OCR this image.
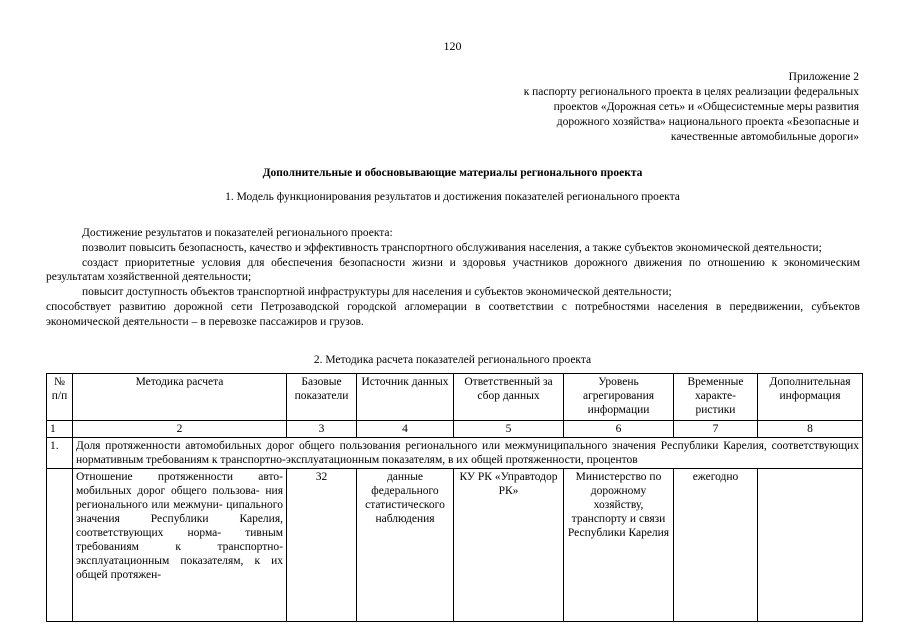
120
Приложение 2
к паспорту регионального проекта в целях реализации федеральных
проектов «Дорожная сеть» и «Общесистемные меры развития
дорожного хозяйства» национального проекта «Безопасные и
качественные автомобильные дороги»
Дополнительные и обосновывающие материалы регионального проекта
1. Модель функционирования результатов и достижения показателей регионального проекта

Достижение результатов и показателей регионального проекта:

позволит повысить безопасность, качество и эффективность транспортного обслуживания населения, а также субъектов экономической деятельности;

создаст приоритетные условия для обеспечения безопасности жизни и здоровья участников дорожного движения по отношению к экономическим результатам хозяйственной деятельности;

повысит доступность объектов транспортной инфраструктуры для населения и субъектов экономической деятельности;

способствует развитию дорожной сети Петрозаводской городской агломерации в соответствии с потребностями населения в передвижении, субъектов экономической деятельности – в перевозке пассажиров и грузов.

2. Методика расчета показателей регионального проекта
№ п/п	Методика расчета	Базовые показатели	Источник данных	Ответственный за сбор данных	Уровень агрегирования информации	Временные характе- ристики	Дополнительная информация
1	2	3	4	5	6	7	8
1.	Доля протяженности автомобильных дорог общего пользования регионального или межмуниципального значения Республики Карелия, соответствующих нормативным требованиям к транспортно-эксплуатационным показателям, в их общей протяженности, процентов						
	Отношение протяженности авто- мобильных дорог общего пользова- ния регионального или межмуни- ципального значения Республики Карелия, соответствующих норма- тивным требованиям к транспортно-эксплуатационным показателям, к их общей протяжен-	32	данные федерального статистического наблюдения	КУ РК «Управтодор РК»	Министерство по дорожному хозяйству, транспорту и связи Республики Карелия	ежегодно	
